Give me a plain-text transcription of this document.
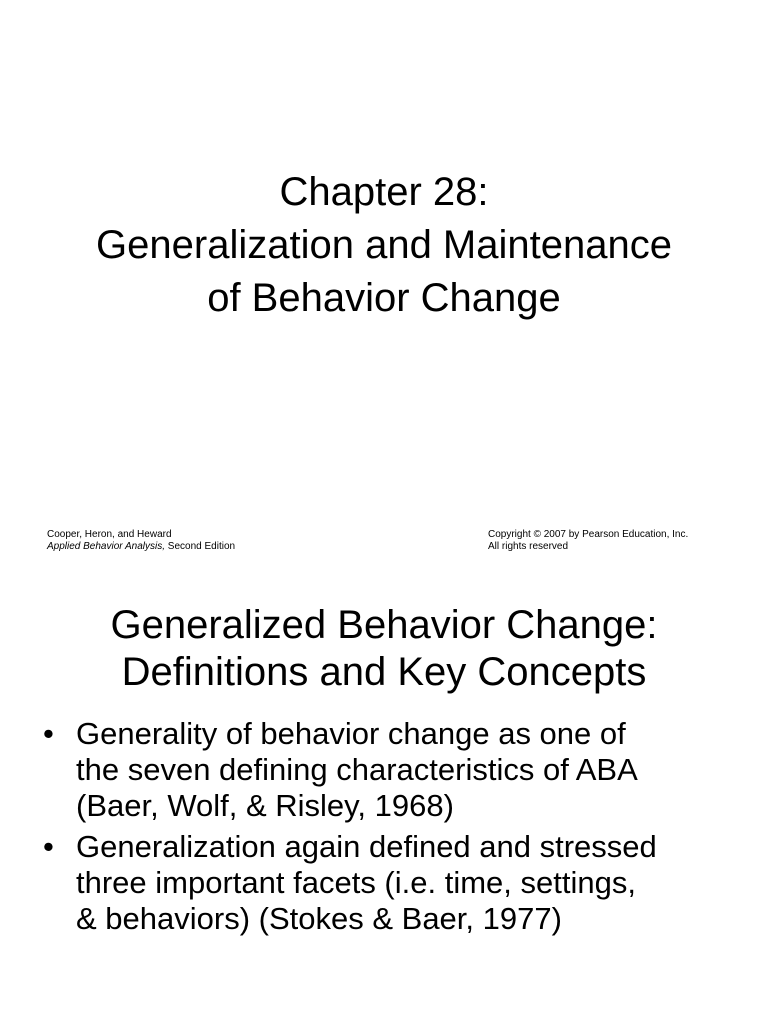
Chapter 28:
Generalization and Maintenance
of Behavior Change
Cooper, Heron, and Heward
Applied Behavior Analysis, Second Edition
Copyright © 2007 by Pearson Education, Inc.
All rights reserved
Generalized Behavior Change:
Definitions and Key Concepts
• Generality of behavior change as one of
the seven defining characteristics of ABA
(Baer, Wolf, & Risley, 1968)
• Generalization again defined and stressed
three important facets (i.e. time, settings,
& behaviors) (Stokes & Baer, 1977)
